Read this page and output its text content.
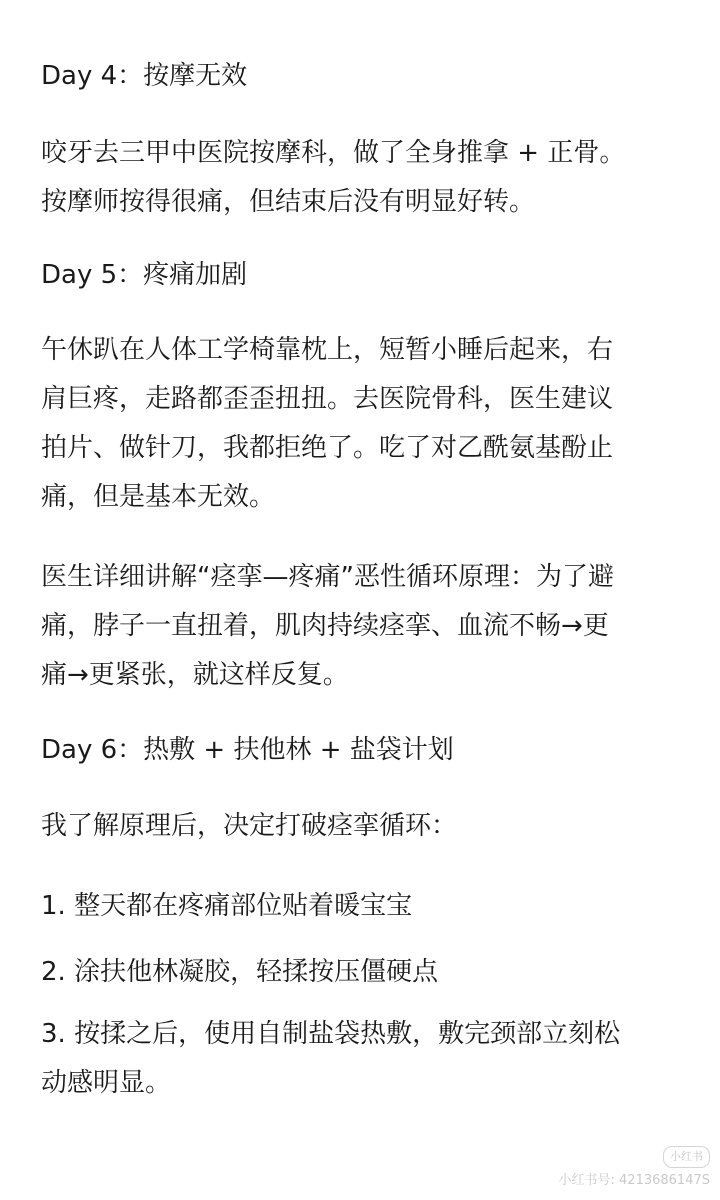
Day 4：按摩无效

咬牙去三甲中医院按摩科，做了全身推拿 + 正骨。
按摩师按得很痛，但结束后没有明显好转。

Day 5：疼痛加剧

午休趴在人体工学椅靠枕上，短暂小睡后起来，右
肩巨疼，走路都歪歪扭扭。去医院骨科，医生建议
拍片、做针刀，我都拒绝了。吃了对乙酰氨基酚止
痛，但是基本无效。

医生详细讲解“痉挛—疼痛”恶性循环原理：为了避
痛，脖子一直扭着，肌肉持续痉挛、血流不畅→更
痛→更紧张，就这样反复。

Day 6：热敷 + 扶他林 + 盐袋计划

我了解原理后，决定打破痉挛循环：

1. 整天都在疼痛部位贴着暖宝宝

2. 涂扶他林凝胶，轻揉按压僵硬点

3. 按揉之后，使用自制盐袋热敷，敷完颈部立刻松
动感明显。

小红书
小红书号: 4213686147S
